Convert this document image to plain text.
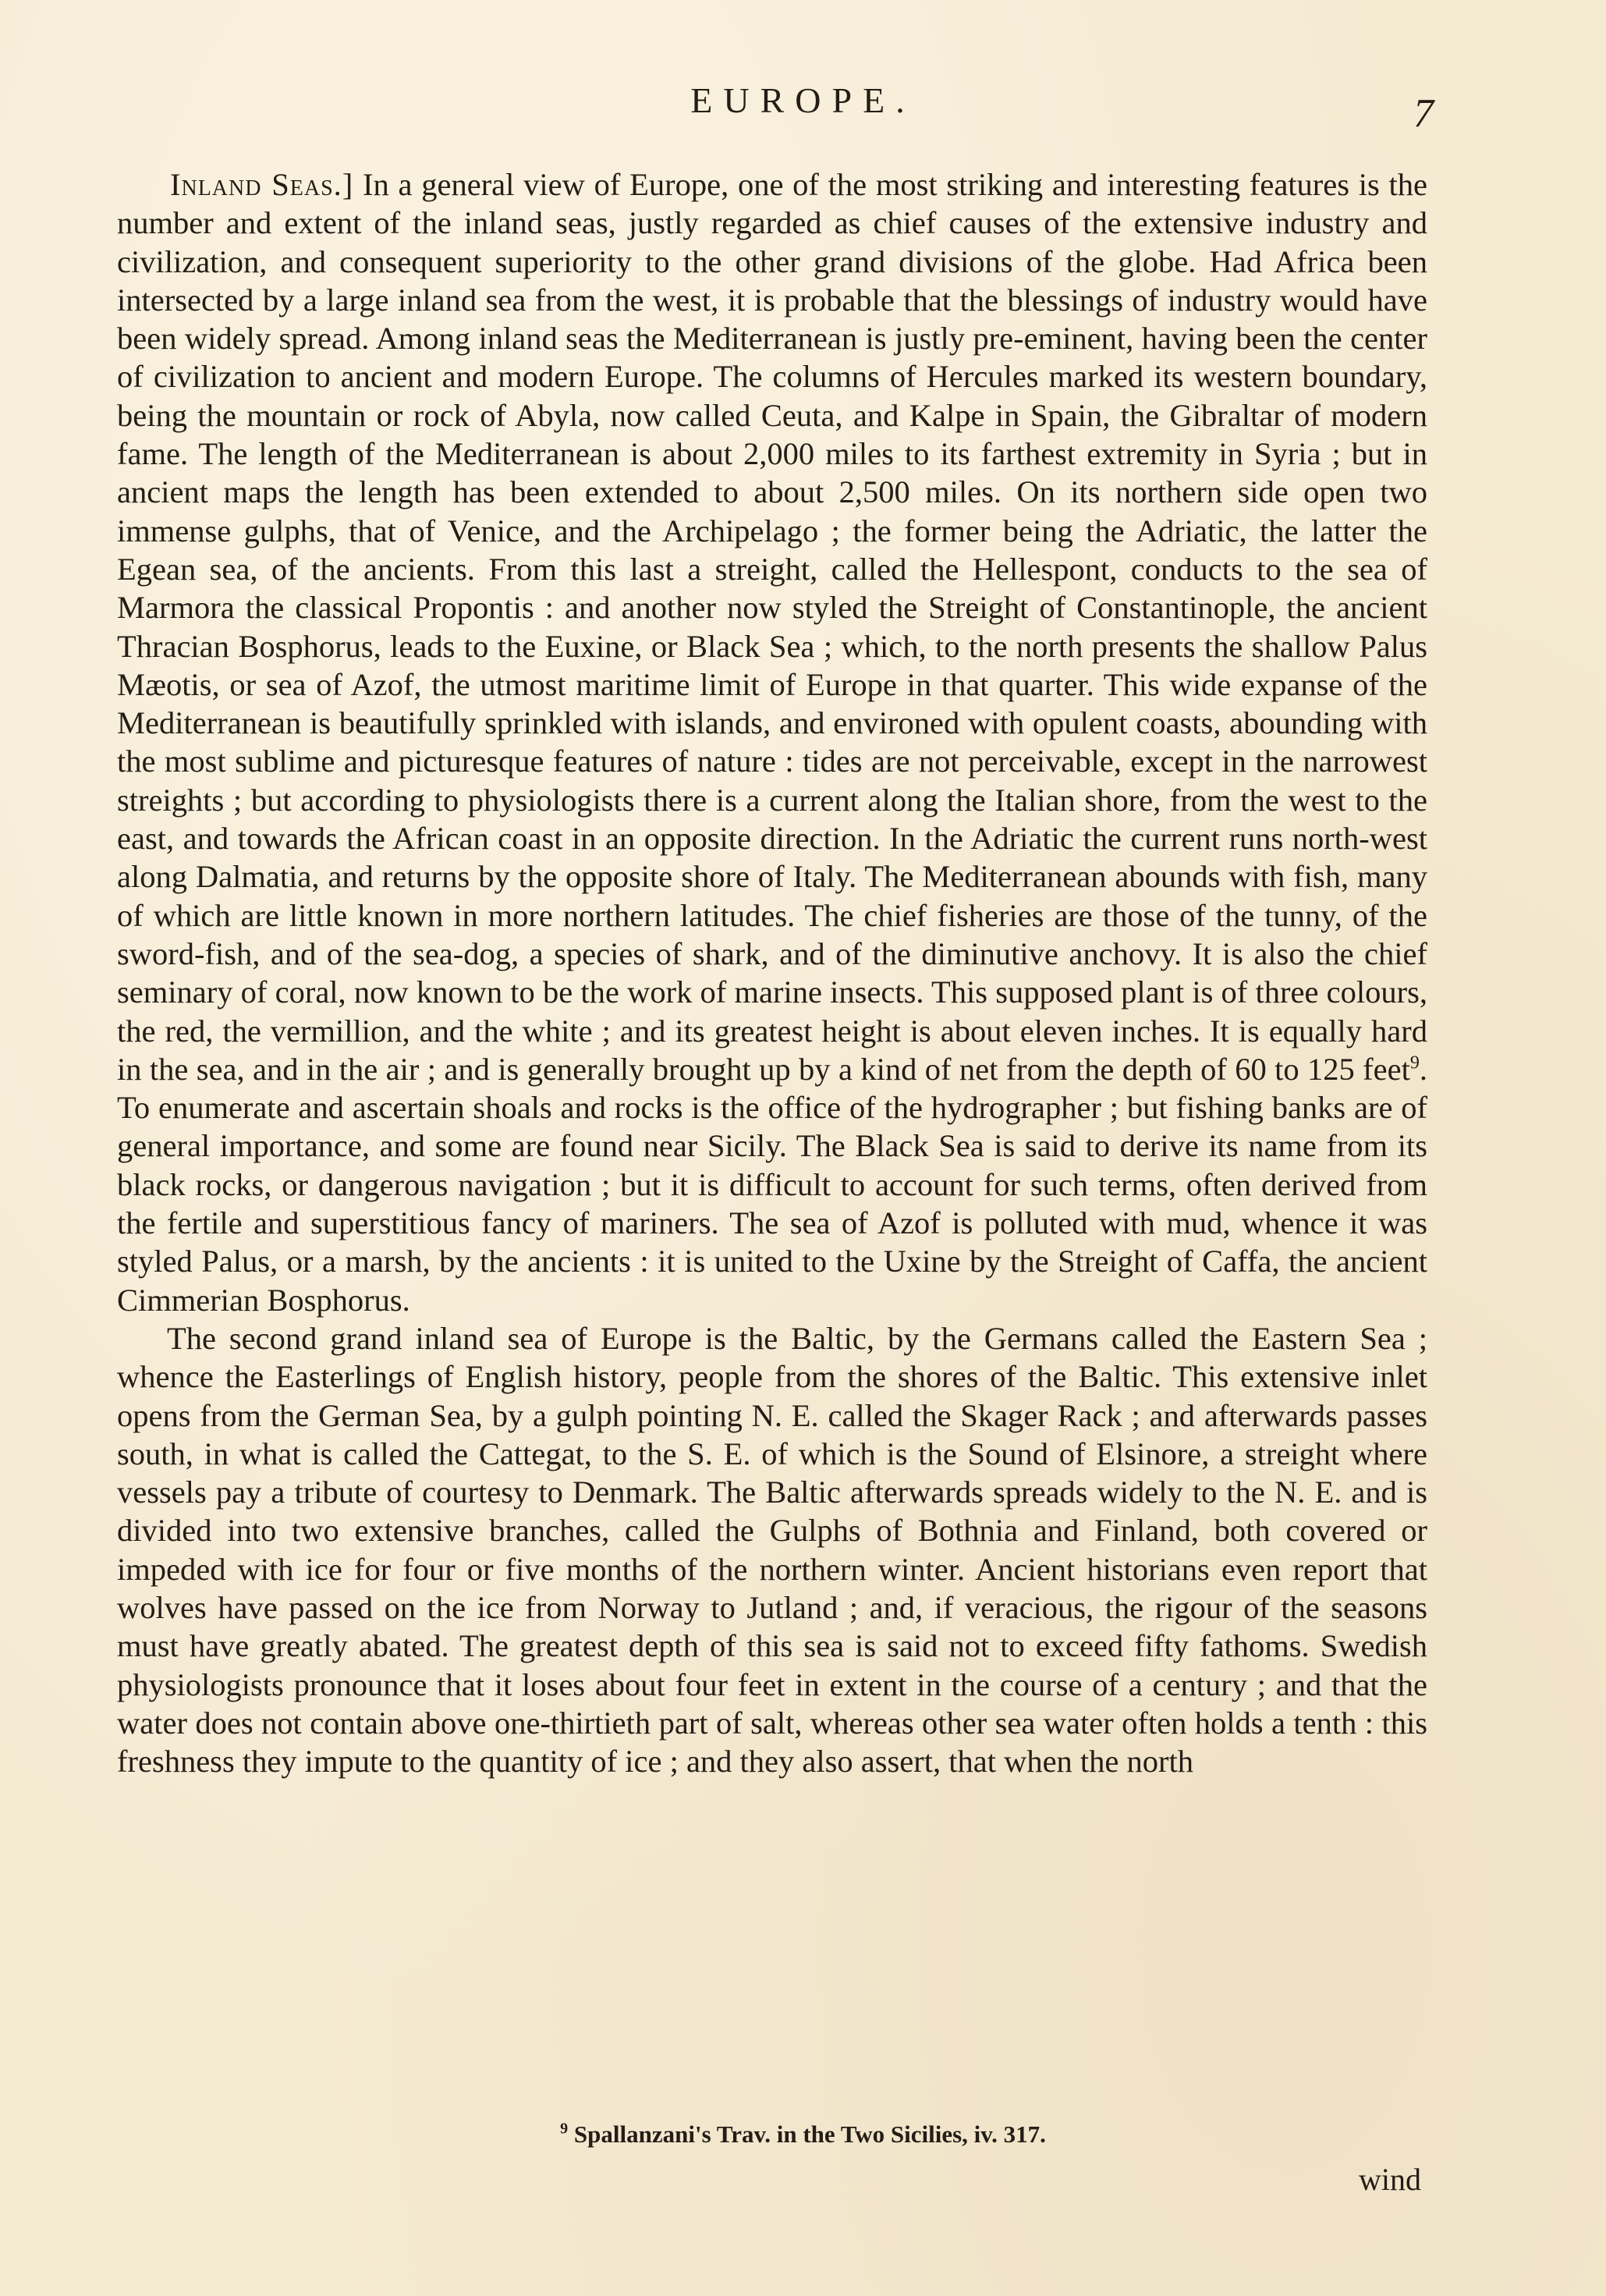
EUROPE.	7

Inland Seas.] In a general view of Europe, one of the most striking and interesting features is the number and extent of the inland seas, justly regarded as chief causes of the extensive industry and civilization, and consequent superiority to the other grand divisions of the globe. Had Africa been intersected by a large inland sea from the west, it is probable that the blessings of industry would have been widely spread. Among inland seas the Mediterranean is justly pre-eminent, having been the center of civilization to ancient and modern Europe. The columns of Hercules marked its western boundary, being the mountain or rock of Abyla, now called Ceuta, and Kalpe in Spain, the Gibraltar of modern fame. The length of the Mediterranean is about 2,000 miles to its farthest extremity in Syria ; but in ancient maps the length has been extended to about 2,500 miles. On its northern side open two immense gulphs, that of Venice, and the Archipelago ; the former being the Adriatic, the latter the Egean sea, of the ancients. From this last a streight, called the Hellespont, conducts to the sea of Marmora the classical Propontis : and another now styled the Streight of Constantinople, the ancient Thracian Bosphorus, leads to the Euxine, or Black Sea ; which, to the north presents the shallow Palus Mæotis, or sea of Azof, the utmost maritime limit of Europe in that quarter. This wide expanse of the Mediterranean is beautifully sprinkled with islands, and environed with opulent coasts, abounding with the most sublime and picturesque features of nature : tides are not perceivable, except in the narrowest streights ; but according to physiologists there is a current along the Italian shore, from the west to the east, and towards the African coast in an opposite direction. In the Adriatic the current runs north-west along Dalmatia, and returns by the opposite shore of Italy. The Mediterranean abounds with fish, many of which are little known in more northern latitudes. The chief fisheries are those of the tunny, of the sword-fish, and of the sea-dog, a species of shark, and of the diminutive anchovy. It is also the chief seminary of coral, now known to be the work of marine insects. This supposed plant is of three colours, the red, the vermillion, and the white ; and its greatest height is about eleven inches. It is equally hard in the sea, and in the air ; and is generally brought up by a kind of net from the depth of 60 to 125 feet$^9$. To enumerate and ascertain shoals and rocks is the office of the hydrographer ; but fishing banks are of general importance, and some are found near Sicily. The Black Sea is said to derive its name from its black rocks, or dangerous navigation ; but it is difficult to account for such terms, often derived from the fertile and superstitious fancy of mariners. The sea of Azof is polluted with mud, whence it was styled Palus, or a marsh, by the ancients : it is united to the Uxine by the Streight of Caffa, the ancient Cimmerian Bosphorus.

The second grand inland sea of Europe is the Baltic, by the Germans called the Eastern Sea ; whence the Easterlings of English history, people from the shores of the Baltic. This extensive inlet opens from the German Sea, by a gulph pointing N. E. called the Skager Rack ; and afterwards passes south, in what is called the Cattegat, to the S. E. of which is the Sound of Elsinore, a streight where vessels pay a tribute of courtesy to Denmark. The Baltic afterwards spreads widely to the N. E. and is divided into two extensive branches, called the Gulphs of Bothnia and Finland, both covered or impeded with ice for four or five months of the northern winter. Ancient historians even report that wolves have passed on the ice from Norway to Jutland ; and, if veracious, the rigour of the seasons must have greatly abated. The greatest depth of this sea is said not to exceed fifty fathoms. Swedish physiologists pronounce that it loses about four feet in extent in the course of a century ; and that the water does not contain above one-thirtieth part of salt, whereas other sea water often holds a tenth : this freshness they impute to the quantity of ice ; and they also assert, that when the north

$^9$ Spallanzani's Trav. in the Two Sicilies, iv. 317.
wind
